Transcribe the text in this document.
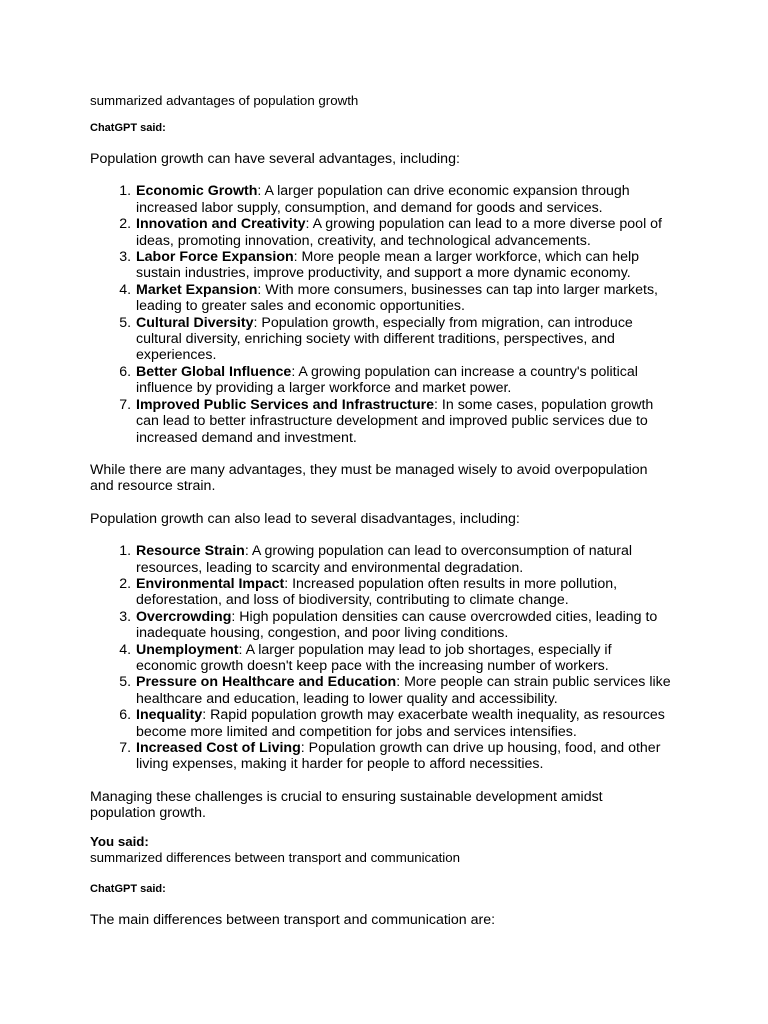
summarized advantages of population growth

ChatGPT said:

Population growth can have several advantages, including:

1. Economic Growth: A larger population can drive economic expansion through increased labor supply, consumption, and demand for goods and services.
2. Innovation and Creativity: A growing population can lead to a more diverse pool of ideas, promoting innovation, creativity, and technological advancements.
3. Labor Force Expansion: More people mean a larger workforce, which can help sustain industries, improve productivity, and support a more dynamic economy.
4. Market Expansion: With more consumers, businesses can tap into larger markets, leading to greater sales and economic opportunities.
5. Cultural Diversity: Population growth, especially from migration, can introduce cultural diversity, enriching society with different traditions, perspectives, and experiences.
6. Better Global Influence: A growing population can increase a country's political influence by providing a larger workforce and market power.
7. Improved Public Services and Infrastructure: In some cases, population growth can lead to better infrastructure development and improved public services due to increased demand and investment.

While there are many advantages, they must be managed wisely to avoid overpopulation and resource strain.

Population growth can also lead to several disadvantages, including:

1. Resource Strain: A growing population can lead to overconsumption of natural resources, leading to scarcity and environmental degradation.
2. Environmental Impact: Increased population often results in more pollution, deforestation, and loss of biodiversity, contributing to climate change.
3. Overcrowding: High population densities can cause overcrowded cities, leading to inadequate housing, congestion, and poor living conditions.
4. Unemployment: A larger population may lead to job shortages, especially if economic growth doesn't keep pace with the increasing number of workers.
5. Pressure on Healthcare and Education: More people can strain public services like healthcare and education, leading to lower quality and accessibility.
6. Inequality: Rapid population growth may exacerbate wealth inequality, as resources become more limited and competition for jobs and services intensifies.
7. Increased Cost of Living: Population growth can drive up housing, food, and other living expenses, making it harder for people to afford necessities.

Managing these challenges is crucial to ensuring sustainable development amidst population growth.

You said:

summarized differences between transport and communication

ChatGPT said:

The main differences between transport and communication are:
